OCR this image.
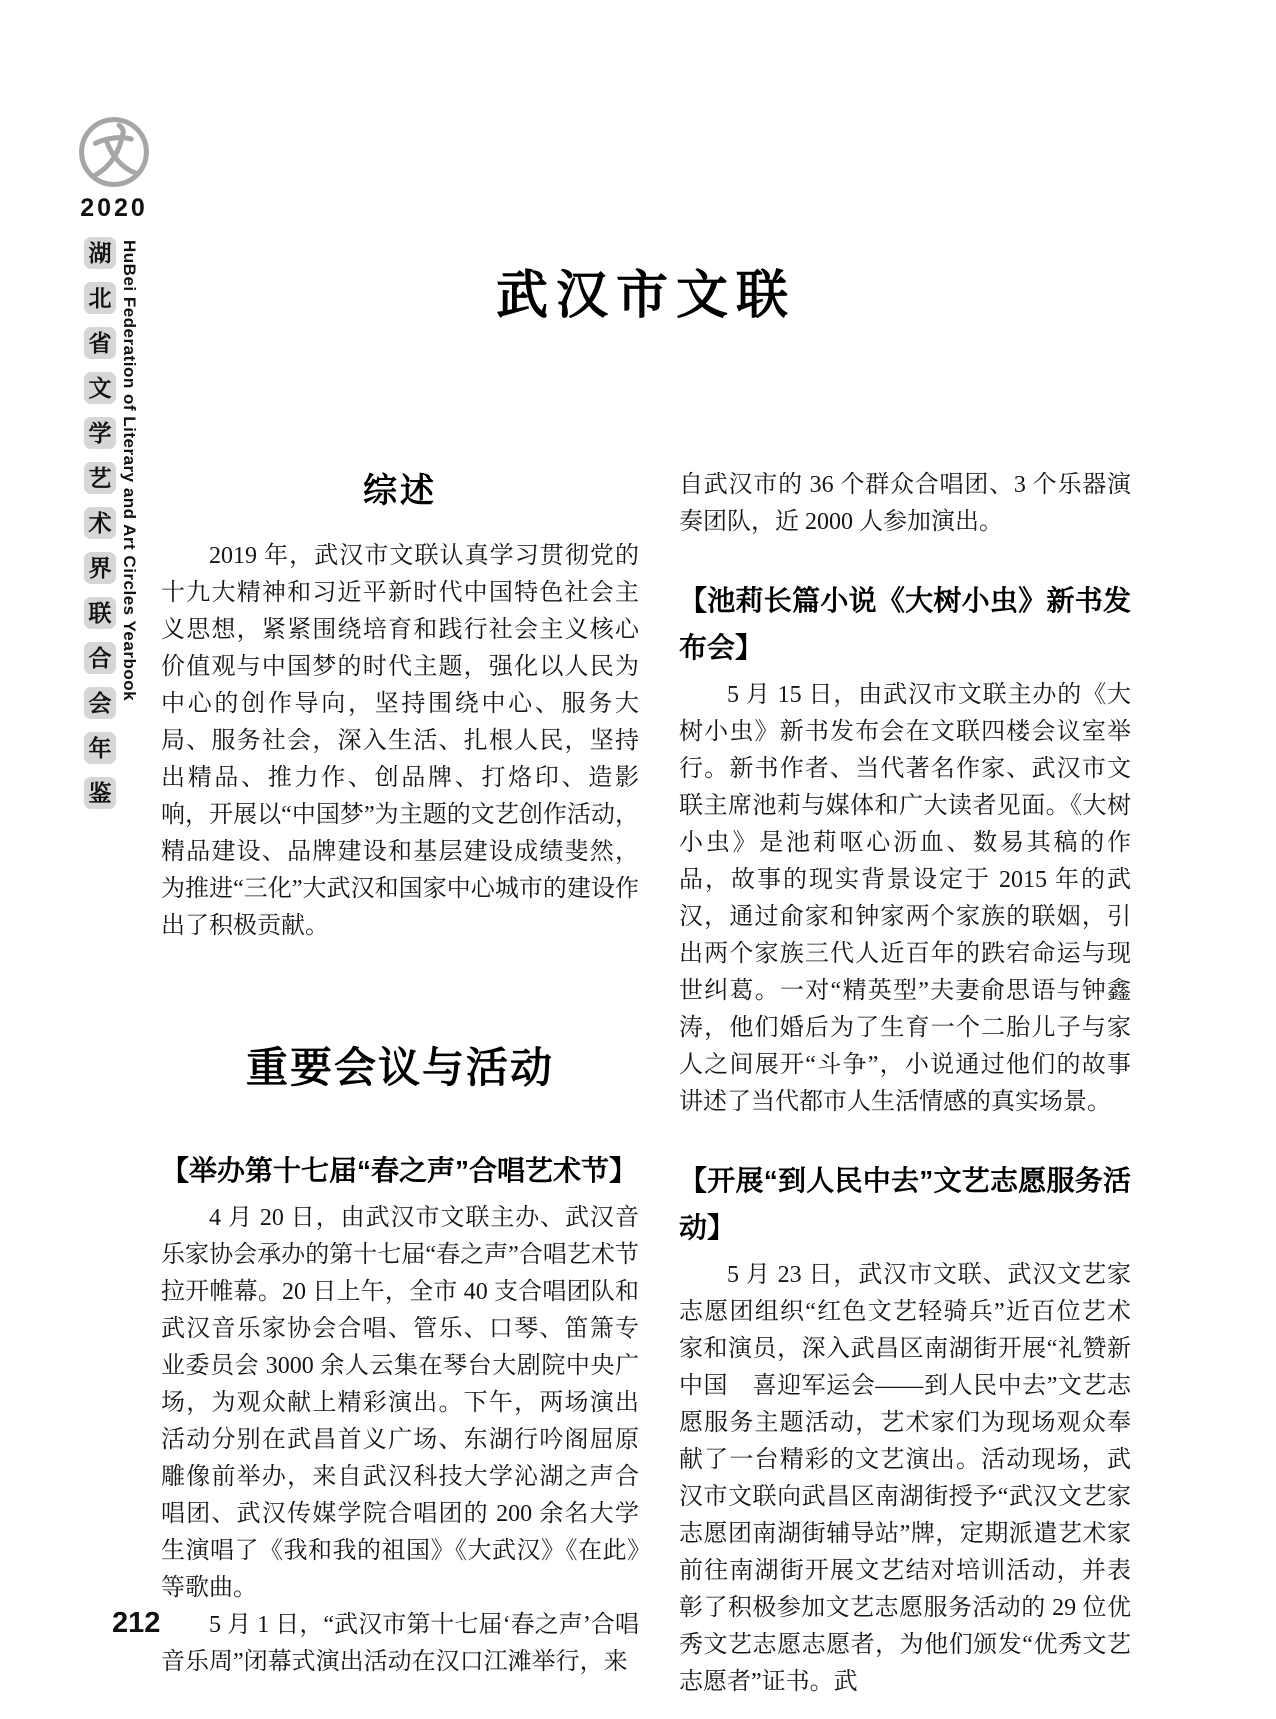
2020
湖
北
省
文
学
艺
术
界
联
合
会
年
鉴
HuBei Federation of Literary and Art Circles Yearbook	武汉市文联
综述

2019 年，武汉市文联认真学习贯彻党的十九大精神和习近平新时代中国特色社会主义思想，紧紧围绕培育和践行社会主义核心价值观与中国梦的时代主题，强化以人民为中心的创作导向，坚持围绕中心、服务大局、服务社会，深入生活、扎根人民，坚持出精品、推力作、创品牌、打烙印、造影响，开展以“中国梦”为主题的文艺创作活动，精品建设、品牌建设和基层建设成绩斐然，为推进“三化”大武汉和国家中心城市的建设作出了积极贡献。

重要会议与活动
【举办第十七届“春之声”合唱艺术节】

4 月 20 日，由武汉市文联主办、武汉音乐家协会承办的第十七届“春之声”合唱艺术节拉开帷幕。20 日上午，全市 40 支合唱团队和武汉音乐家协会合唱、管乐、口琴、笛箫专业委员会 3000 余人云集在琴台大剧院中央广场，为观众献上精彩演出。下午，两场演出活动分别在武昌首义广场、东湖行吟阁屈原雕像前举办，来自武汉科技大学沁湖之声合唱团、武汉传媒学院合唱团的 200 余名大学生演唱了《我和我的祖国》《大武汉》《在此》等歌曲。

5 月 1 日，“武汉市第十七届‘春之声’合唱音乐周”闭幕式演出活动在汉口江滩举行，来

自武汉市的 36 个群众合唱团、3 个乐器演奏团队，近 2000 人参加演出。

【池莉长篇小说《大树小虫》新书发布会】

5 月 15 日，由武汉市文联主办的《大树小虫》新书发布会在文联四楼会议室举行。新书作者、当代著名作家、武汉市文联主席池莉与媒体和广大读者见面。《大树小虫》是池莉呕心沥血、数易其稿的作品，故事的现实背景设定于 2015 年的武汉，通过俞家和钟家两个家族的联姻，引出两个家族三代人近百年的跌宕命运与现世纠葛。一对“精英型”夫妻俞思语与钟鑫涛，他们婚后为了生育一个二胎儿子与家人之间展开“斗争”，小说通过他们的故事讲述了当代都市人生活情感的真实场景。

【开展“到人民中去”文艺志愿服务活动】

5 月 23 日，武汉市文联、武汉文艺家志愿团组织“红色文艺轻骑兵”近百位艺术家和演员，深入武昌区南湖街开展“礼赞新中国　喜迎军运会——到人民中去”文艺志愿服务主题活动，艺术家们为现场观众奉献了一台精彩的文艺演出。活动现场，武汉市文联向武昌区南湖街授予“武汉文艺家志愿团南湖街辅导站”牌，定期派遣艺术家前往南湖街开展文艺结对培训活动，并表彰了积极参加文艺志愿服务活动的 29 位优秀文艺志愿志愿者，为他们颁发“优秀文艺志愿者”证书。武

212
